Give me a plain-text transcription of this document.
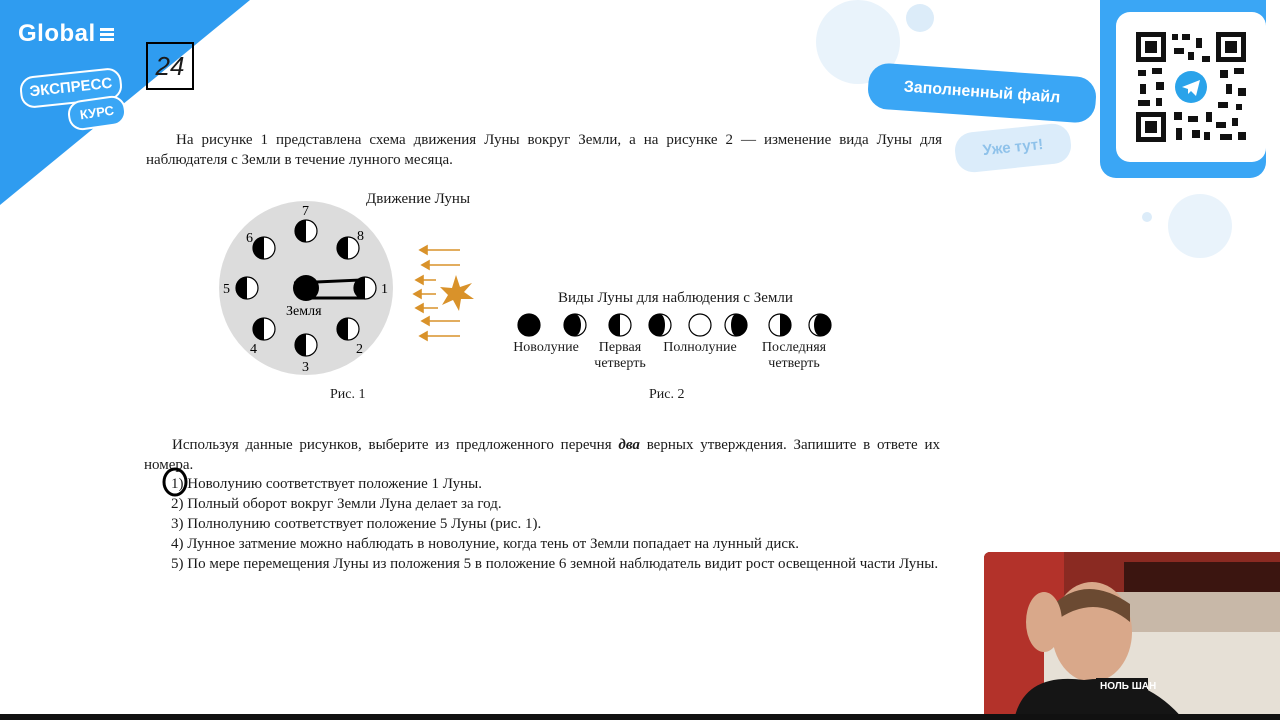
Global
ЭКСПРЕСС
КУРС
24
Заполненный файл
Уже тут!
На рисунке 1 представлена схема движения Луны вокруг Земли, а на рисунке 2 — изменение вида Луны для наблюдателя с Земли в течение лунного месяца.
Движение Луны
1
2
3
4
5
6
7
8
Земля
Рис. 1
Виды Луны для наблюдения с Земли
Новолуние	Первая четверть
Полнолуние	Последняя четверть
Рис. 2
Используя данные рисунков, выберите из предложенного перечня два верных утверждения. Запишите в ответе их номера.
1) Новолунию соответствует положение 1 Луны.
2) Полный оборот вокруг Земли Луна делает за год.
3) Полнолунию соответствует положение 5 Луны (рис. 1).
4) Лунное затмение можно наблюдать в новолуние, когда тень от Земли попадает на лунный диск.
5) По мере перемещения Луны из положения 5 в положение 6 земной наблюдатель видит рост освещенной части Луны.
НОЛЬ ШАН
